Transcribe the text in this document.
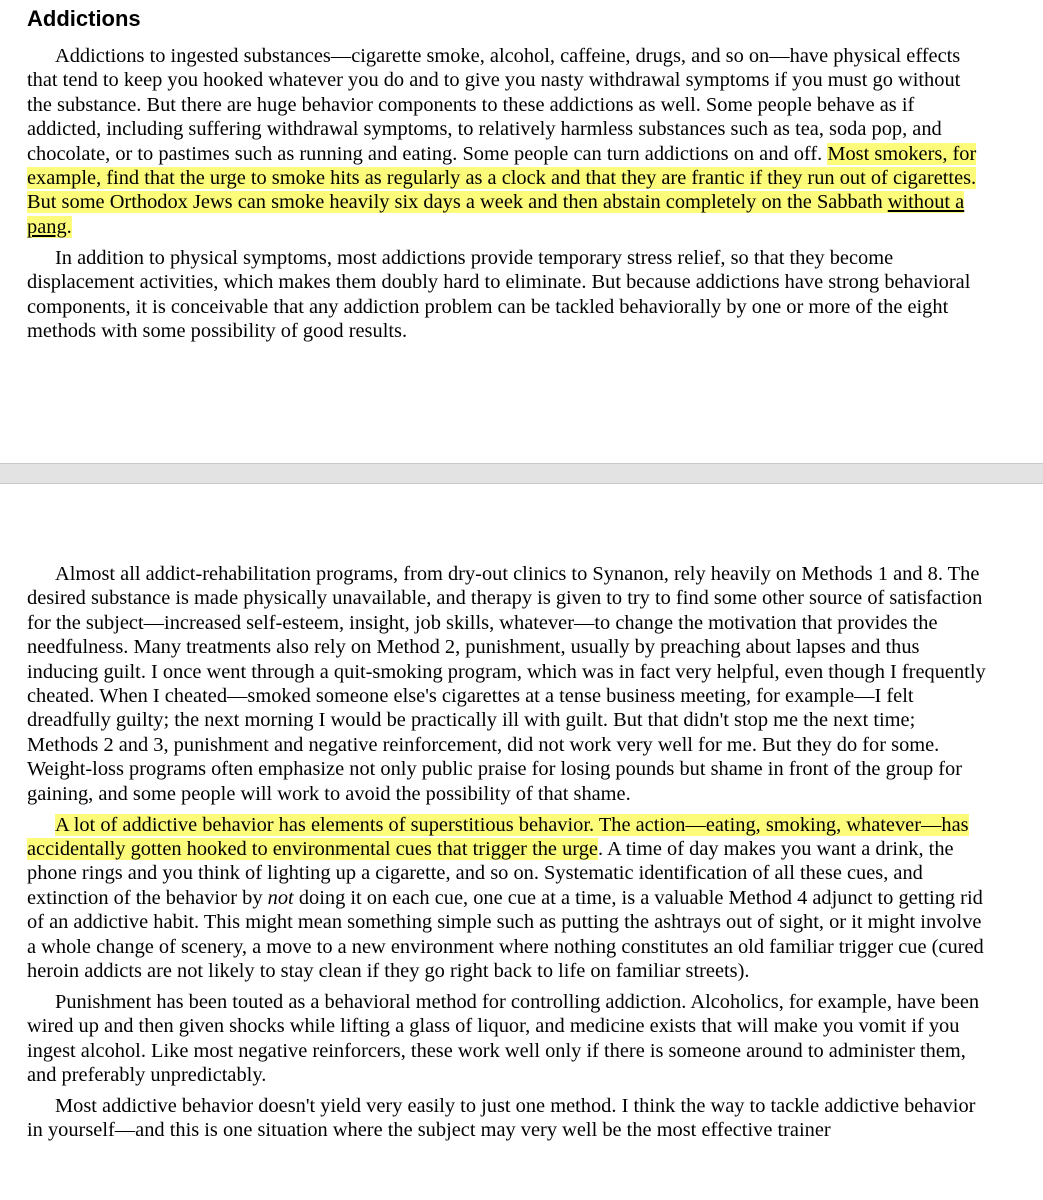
Addictions

Addictions to ingested substances—cigarette smoke, alcohol, caffeine, drugs, and so on—have physical effects that tend to keep you hooked whatever you do and to give you nasty withdrawal symptoms if you must go without the substance. But there are huge behavior components to these addictions as well. Some people behave as if addicted, including suffering withdrawal symptoms, to relatively harmless substances such as tea, soda pop, and chocolate, or to pastimes such as running and eating. Some people can turn addictions on and off. Most smokers, for example, find that the urge to smoke hits as regularly as a clock and that they are frantic if they run out of cigarettes. But some Orthodox Jews can smoke heavily six days a week and then abstain completely on the Sabbath without a pang.

In addition to physical symptoms, most addictions provide temporary stress relief, so that they become displacement activities, which makes them doubly hard to eliminate. But because addictions have strong behavioral components, it is conceivable that any addiction problem can be tackled behaviorally by one or more of the eight methods with some possibility of good results.

Almost all addict-rehabilitation programs, from dry-out clinics to Synanon, rely heavily on Methods 1 and 8. The desired substance is made physically unavailable, and therapy is given to try to find some other source of satisfaction for the subject—increased self-esteem, insight, job skills, whatever—to change the motivation that provides the needfulness. Many treatments also rely on Method 2, punishment, usually by preaching about lapses and thus inducing guilt. I once went through a quit-smoking program, which was in fact very helpful, even though I frequently cheated. When I cheated—smoked someone else's cigarettes at a tense business meeting, for example—I felt dreadfully guilty; the next morning I would be practically ill with guilt. But that didn't stop me the next time; Methods 2 and 3, punishment and negative reinforcement, did not work very well for me. But they do for some. Weight-loss programs often emphasize not only public praise for losing pounds but shame in front of the group for gaining, and some people will work to avoid the possibility of that shame.

A lot of addictive behavior has elements of superstitious behavior. The action—eating, smoking, whatever—has accidentally gotten hooked to environmental cues that trigger the urge. A time of day makes you want a drink, the phone rings and you think of lighting up a cigarette, and so on. Systematic identification of all these cues, and extinction of the behavior by not doing it on each cue, one cue at a time, is a valuable Method 4 adjunct to getting rid of an addictive habit. This might mean something simple such as putting the ashtrays out of sight, or it might involve a whole change of scenery, a move to a new environment where nothing constitutes an old familiar trigger cue (cured heroin addicts are not likely to stay clean if they go right back to life on familiar streets).

Punishment has been touted as a behavioral method for controlling addiction. Alcoholics, for example, have been wired up and then given shocks while lifting a glass of liquor, and medicine exists that will make you vomit if you ingest alcohol. Like most negative reinforcers, these work well only if there is someone around to administer them, and preferably unpredictably.

Most addictive behavior doesn't yield very easily to just one method. I think the way to tackle addictive behavior in yourself—and this is one situation where the subject may very well be the most effective trainer
